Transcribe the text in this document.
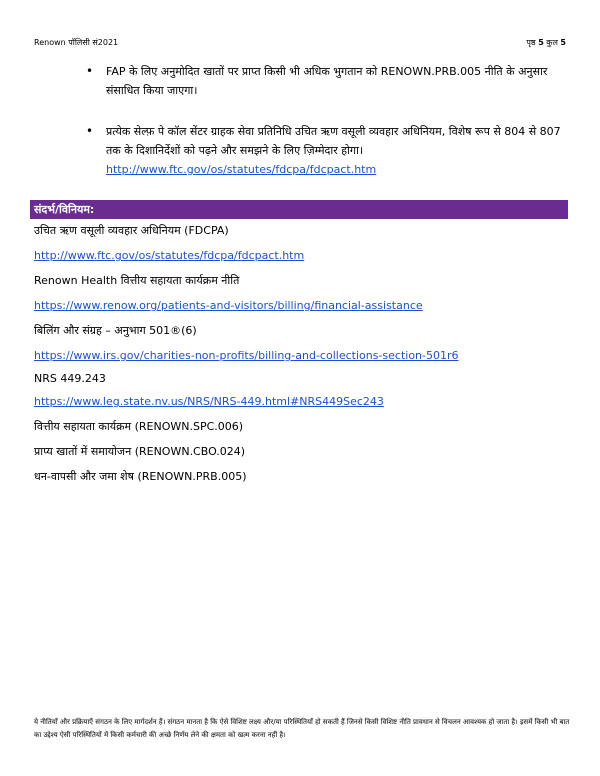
Renown पॉलिसी सं2021	पृष्ठ 5 कुल 5
• FAP के लिए अनुमोदित खातों पर प्राप्त किसी भी अधिक भुगतान को RENOWN.PRB.005 नीति के अनुसार संसाधित किया जाएगा।
• प्रत्येक सेल्फ़ पे कॉल सेंटर ग्राहक सेवा प्रतिनिधि उचित ऋण वसूली व्यवहार अधिनियम, विशेष रूप से 804 से 807 तक के दिशानिर्देशों को पढ़ने और समझने के लिए ज़िम्मेदार होगा।
http://www.ftc.gov/os/statutes/fdcpa/fdcpact.htm
संदर्भ/विनियम:
उचित ऋण वसूली व्यवहार अधिनियम (FDCPA)
http://www.ftc.gov/os/statutes/fdcpa/fdcpact.htm
Renown Health वित्तीय सहायता कार्यक्रम नीति
https://www.renow.org/patients-and-visitors/billing/financial-assistance
बिलिंग और संग्रह – अनुभाग 501®(6)
https://www.irs.gov/charities-non-profits/billing-and-collections-section-501r6
NRS 449.243
https://www.leg.state.nv.us/NRS/NRS-449.html#NRS449Sec243
वित्तीय सहायता कार्यक्रम (RENOWN.SPC.006)
प्राप्य खातों में समायोजन (RENOWN.CBO.024)
धन-वापसी और जमा शेष (RENOWN.PRB.005)
ये नीतियाँ और प्रक्रियाएँ संगठन के लिए मार्गदर्शन हैं। संगठन मानता है कि ऐसे विशिष्ट लक्ष्य और/या परिस्थितियाँ हो सकती हैं जिनसे किसी विशिष्ट नीति प्रावधान से विचलन आवश्यक हो जाता है। इसमें किसी भी बात का उद्देश्य ऐसी परिस्थितियों में किसी कर्मचारी की अच्छे निर्णय लेने की क्षमता को खत्म करना नहीं है।
